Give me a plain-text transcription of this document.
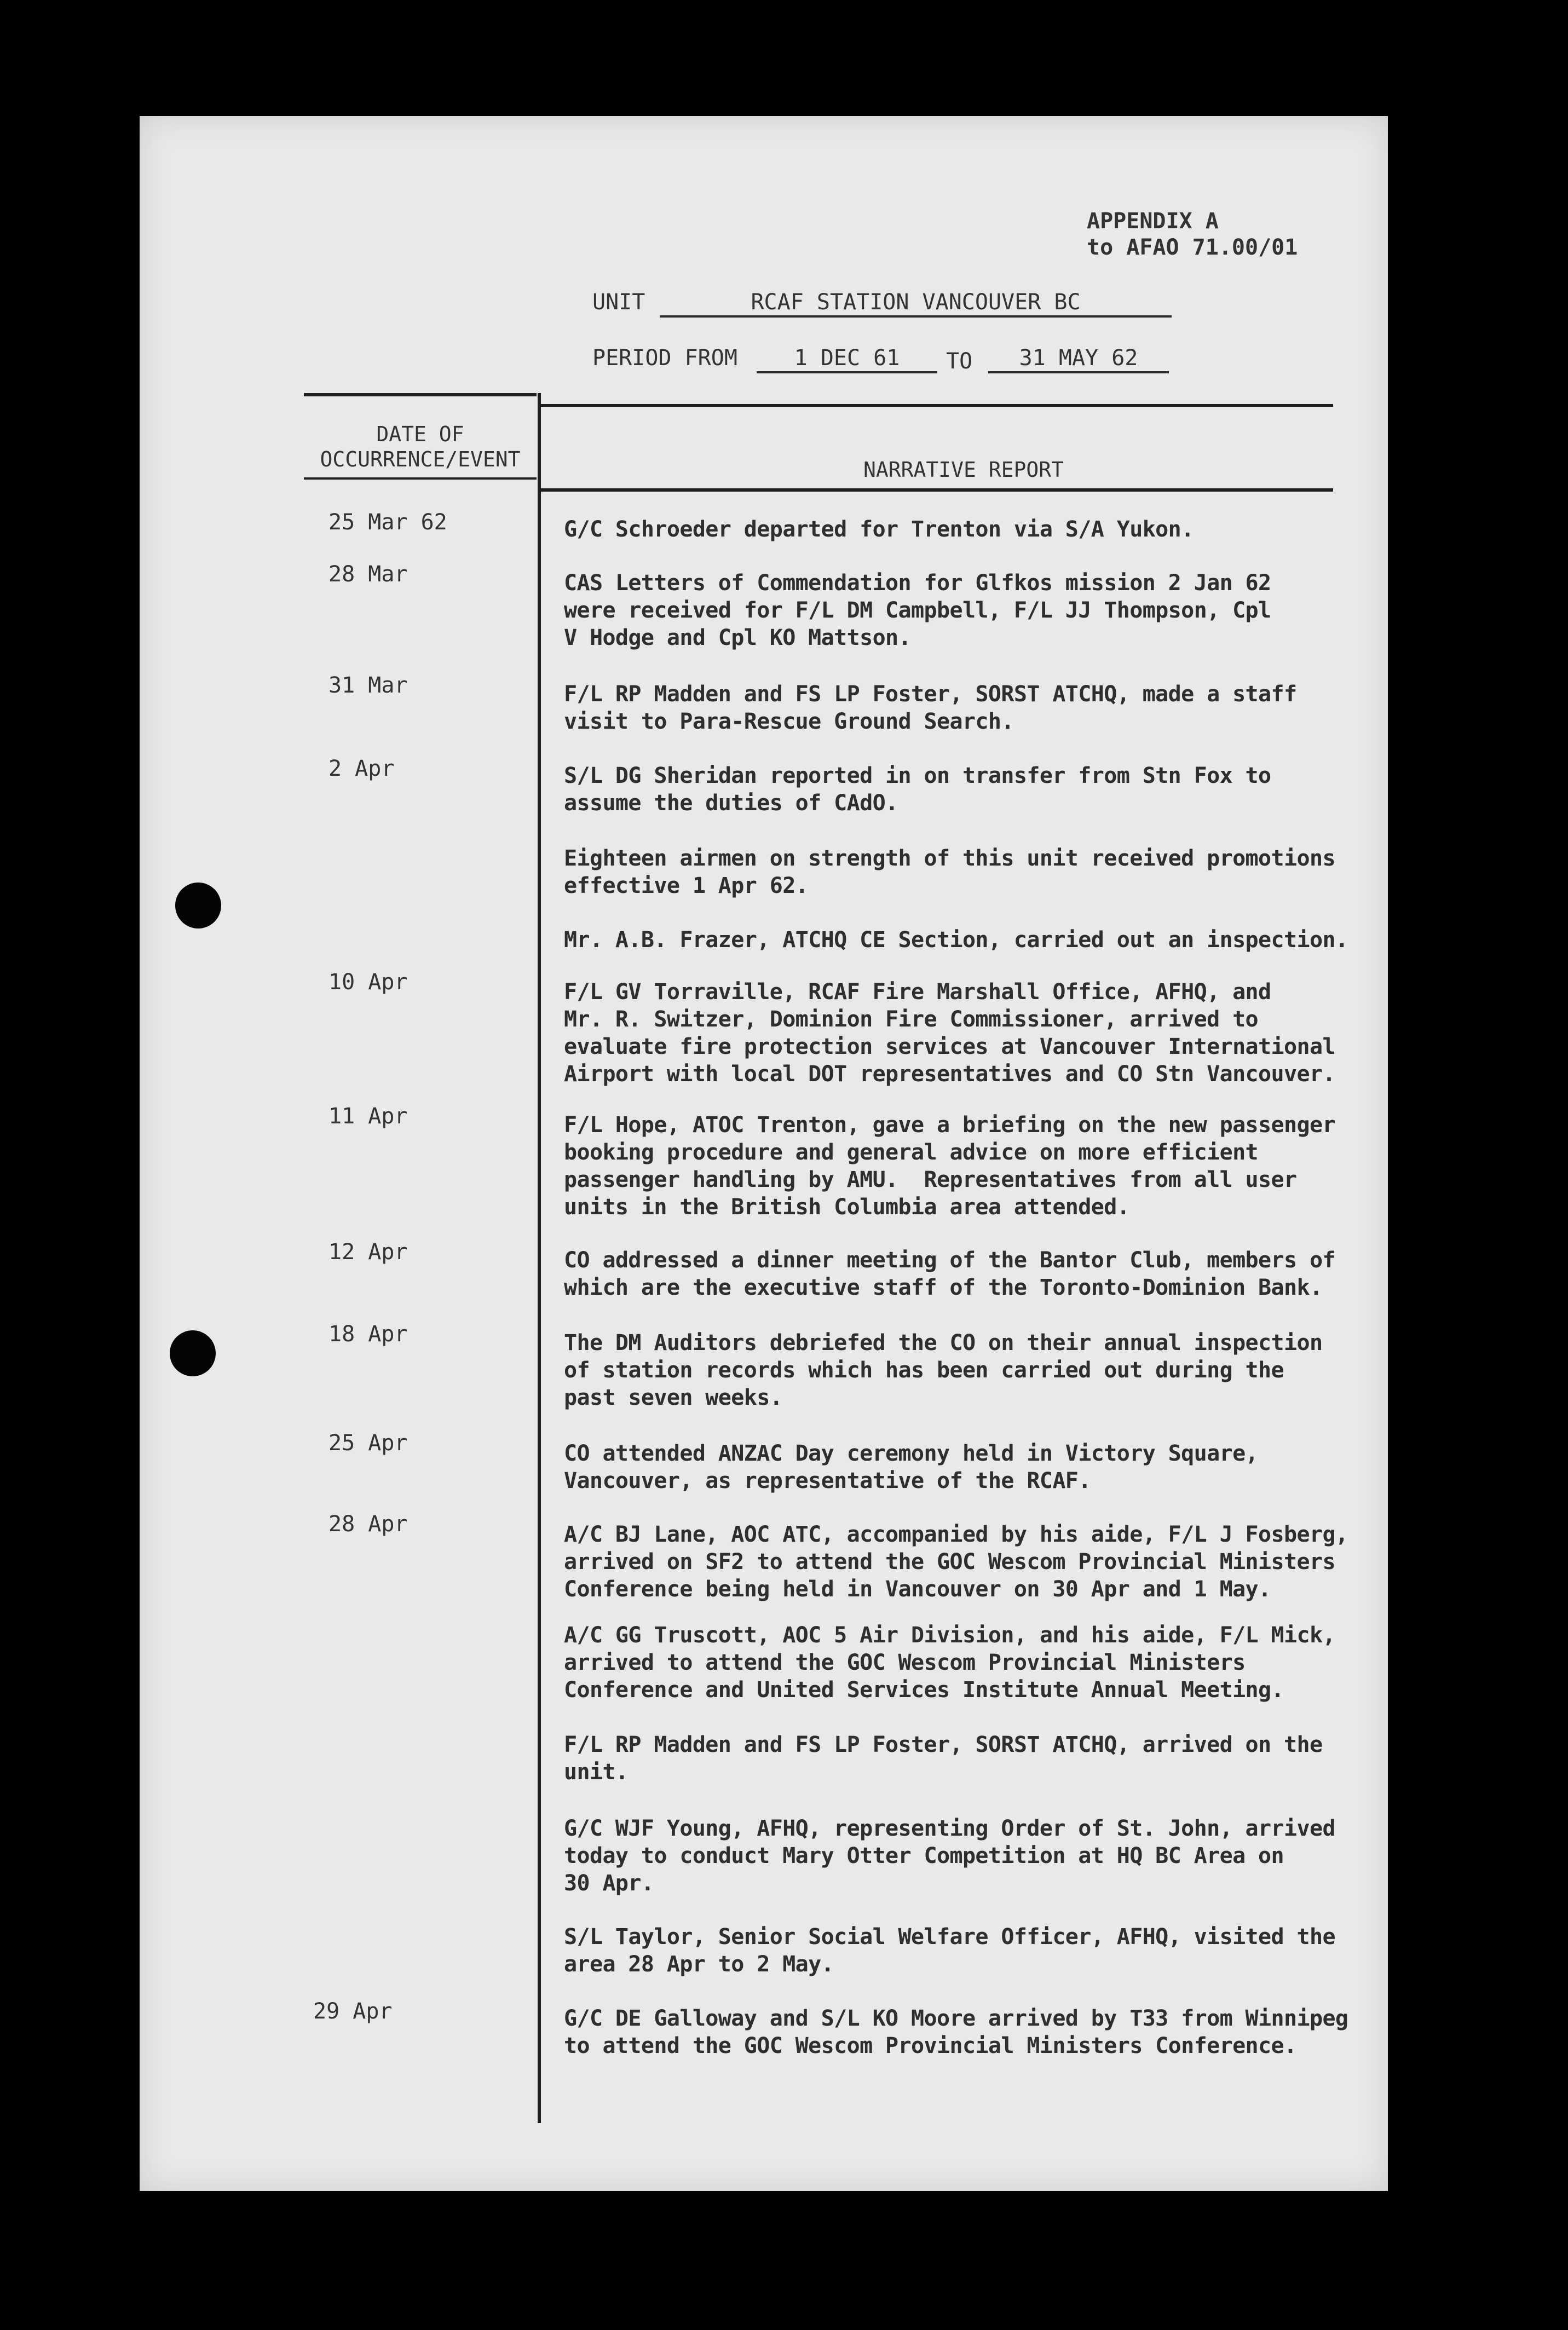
APPENDIX A
to AFAO 71.00/01
UNIT	RCAF STATION VANCOUVER BC
PERIOD FROM	1 DEC 61	TO	31 MAY 62
DATE OF
OCCURRENCE/EVENT	NARRATIVE REPORT
25 Mar 62	G/C Schroeder departed for Trenton via S/A Yukon.
28 Mar	CAS Letters of Commendation for Glfkos mission 2 Jan 62
were received for F/L DM Campbell, F/L JJ Thompson, Cpl
V Hodge and Cpl KO Mattson.
31 Mar	F/L RP Madden and FS LP Foster, SORST ATCHQ, made a staff
visit to Para-Rescue Ground Search.
2 Apr	S/L DG Sheridan reported in on transfer from Stn Fox to
assume the duties of CAdO.
Eighteen airmen on strength of this unit received promotions
effective 1 Apr 62.
Mr. A.B. Frazer, ATCHQ CE Section, carried out an inspection.
10 Apr	F/L GV Torraville, RCAF Fire Marshall Office, AFHQ, and
Mr. R. Switzer, Dominion Fire Commissioner, arrived to
evaluate fire protection services at Vancouver International
Airport with local DOT representatives and CO Stn Vancouver.
11 Apr	F/L Hope, ATOC Trenton, gave a briefing on the new passenger
booking procedure and general advice on more efficient
passenger handling by AMU.  Representatives from all user
units in the British Columbia area attended.
12 Apr	CO addressed a dinner meeting of the Bantor Club, members of
which are the executive staff of the Toronto-Dominion Bank.
18 Apr	The DM Auditors debriefed the CO on their annual inspection
of station records which has been carried out during the
past seven weeks.
25 Apr	CO attended ANZAC Day ceremony held in Victory Square,
Vancouver, as representative of the RCAF.
28 Apr	A/C BJ Lane, AOC ATC, accompanied by his aide, F/L J Fosberg,
arrived on SF2 to attend the GOC Wescom Provincial Ministers
Conference being held in Vancouver on 30 Apr and 1 May.
A/C GG Truscott, AOC 5 Air Division, and his aide, F/L Mick,
arrived to attend the GOC Wescom Provincial Ministers
Conference and United Services Institute Annual Meeting.
F/L RP Madden and FS LP Foster, SORST ATCHQ, arrived on the
unit.
G/C WJF Young, AFHQ, representing Order of St. John, arrived
today to conduct Mary Otter Competition at HQ BC Area on
30 Apr.
S/L Taylor, Senior Social Welfare Officer, AFHQ, visited the
area 28 Apr to 2 May.
29 Apr	G/C DE Galloway and S/L KO Moore arrived by T33 from Winnipeg
to attend the GOC Wescom Provincial Ministers Conference.
